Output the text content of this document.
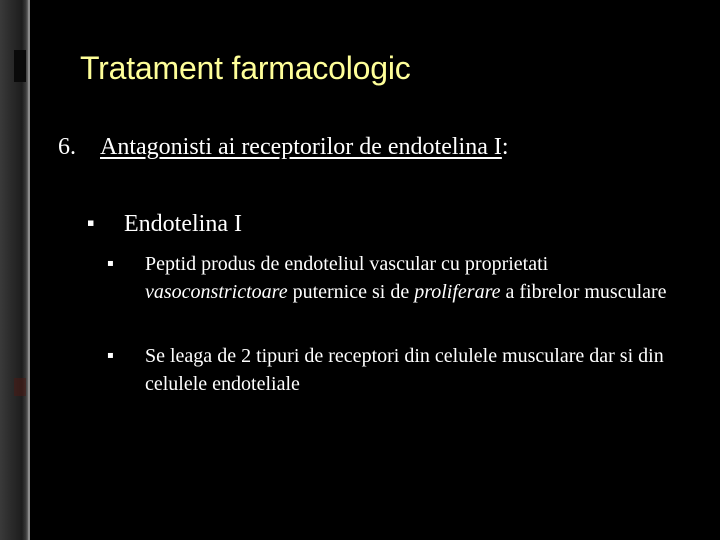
Tratament farmacologic
6. Antagonisti ai receptorilor de endotelina I:
▪ Endotelina I
▪ Peptid produs de endoteliul vascular cu proprietati vasoconstrictoare puternice si de proliferare a fibrelor musculare
▪ Se leaga de 2 tipuri de receptori din celulele musculare dar si din celulele endoteliale
